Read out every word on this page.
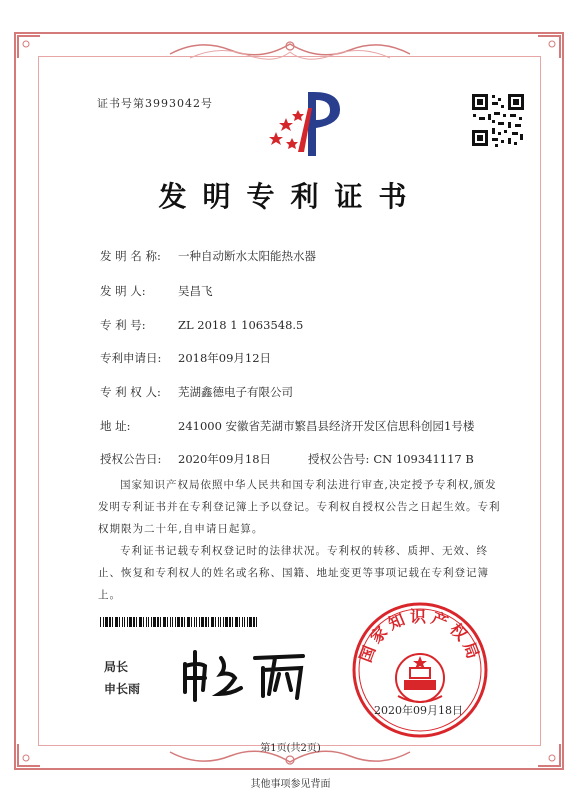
证书号第3993042号
发明专利证书
发 明 名 称: 一种自动断水太阳能热水器
发 明 人:	吴昌飞
专 利 号:	ZL 2018 1 1063548.5
专利申请日: 2018年09月12日
专 利 权 人: 芜湖鑫德电子有限公司
地 址:	241000 安徽省芜湖市繁昌县经济开发区信思科创园1号楼
授权公告日: 2020年09月18日	授权公告号: CN 109341117 B
国家知识产权局依照中华人民共和国专利法进行审查,决定授予专利权,颁发发明专利证书并在专利登记簿上予以登记。专利权自授权公告之日起生效。专利权期限为二十年,自申请日起算。
专利证书记载专利权登记时的法律状况。专利权的转移、质押、无效、终止、恢复和专利权人的姓名或名称、国籍、地址变更等事项记载在专利登记簿上。
局长
申长雨
国家知识产权局
2020年09月18日
第1页(共2页)
其他事项参见背面
